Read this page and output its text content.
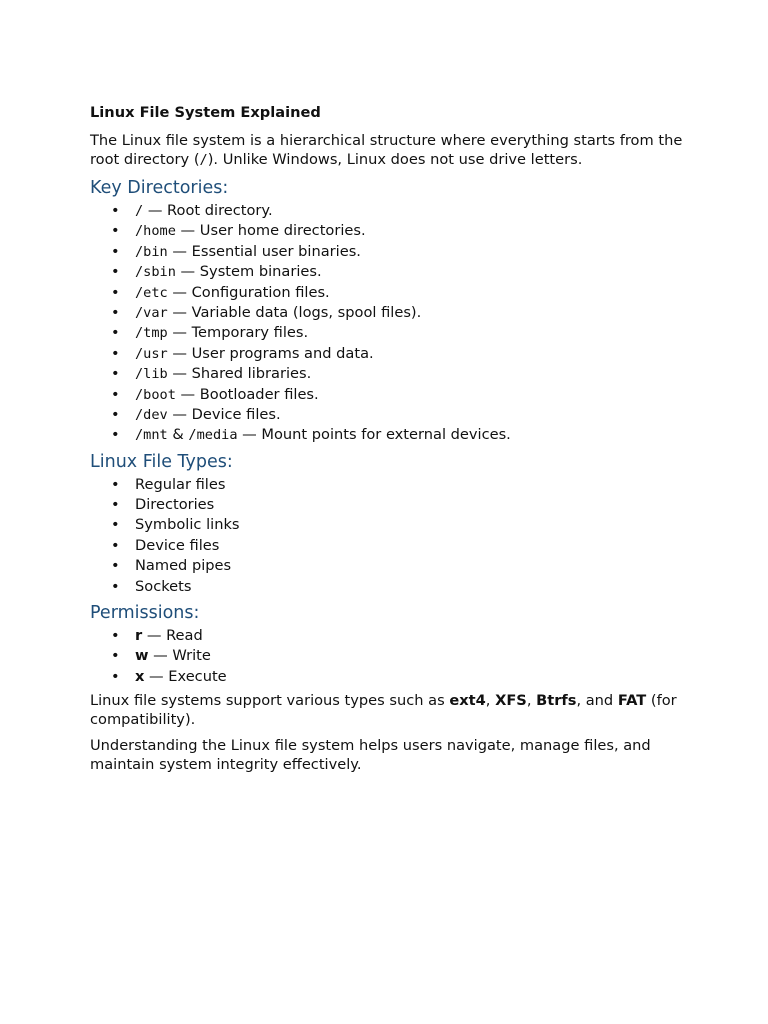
Linux File System Explained

The Linux file system is a hierarchical structure where everything starts from the root directory (/). Unlike Windows, Linux does not use drive letters.

Key Directories:
• / — Root directory.
• /home — User home directories.
• /bin — Essential user binaries.
• /sbin — System binaries.
• /etc — Configuration files.
• /var — Variable data (logs, spool files).
• /tmp — Temporary files.
• /usr — User programs and data.
• /lib — Shared libraries.
• /boot — Bootloader files.
• /dev — Device files.
• /mnt & /media — Mount points for external devices.
Linux File Types:
• Regular files
• Directories
• Symbolic links
• Device files
• Named pipes
• Sockets
Permissions:
• r — Read
• w — Write
• x — Execute

Linux file systems support various types such as ext4, XFS, Btrfs, and FAT (for compatibility).

Understanding the Linux file system helps users navigate, manage files, and maintain system integrity effectively.
